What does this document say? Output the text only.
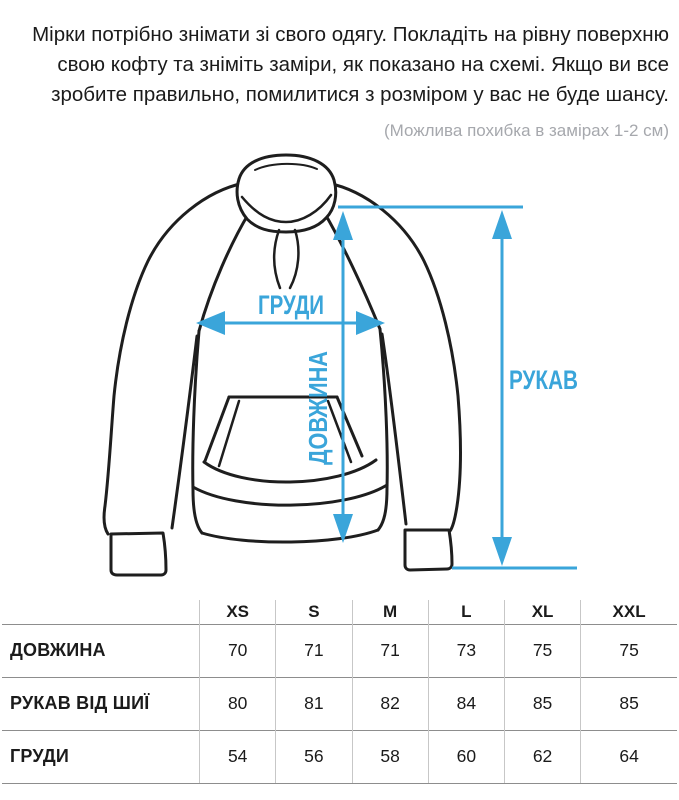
Мірки потрібно знімати зі свого одягу. Покладіть на рівну поверхню свою кофту та зніміть заміри, як показано на схемі. Якщо ви все зробите правильно, помилитися з розміром у вас не буде шансу.

(Можлива похибка в замірах 1-2 см)

ГРУДИ
ДОВЖИНА	РУКАВ
	XS	S	M	L	XL	XXL
ДОВЖИНА	70	71	71	73	75	75
РУКАВ ВІД ШИЇ	80	81	82	84	85	85
ГРУДИ	54	56	58	60	62	64
